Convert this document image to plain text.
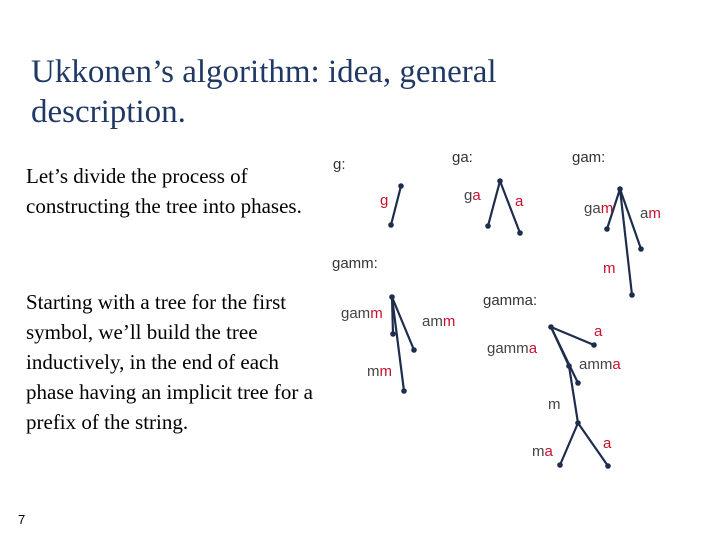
Ukkonen’s algorithm: idea, general description.

Let’s divide the process of constructing the tree into phases.

Starting with a tree for the first symbol, we’ll build the tree inductively, in the end of each phase having an implicit tree for a prefix of the string.

7
g:
g
ga:
ga a
gam:
gam am
m
gamm:
gamm	amm
mm
gamma:
gamma
a
amma
m
ma	a
